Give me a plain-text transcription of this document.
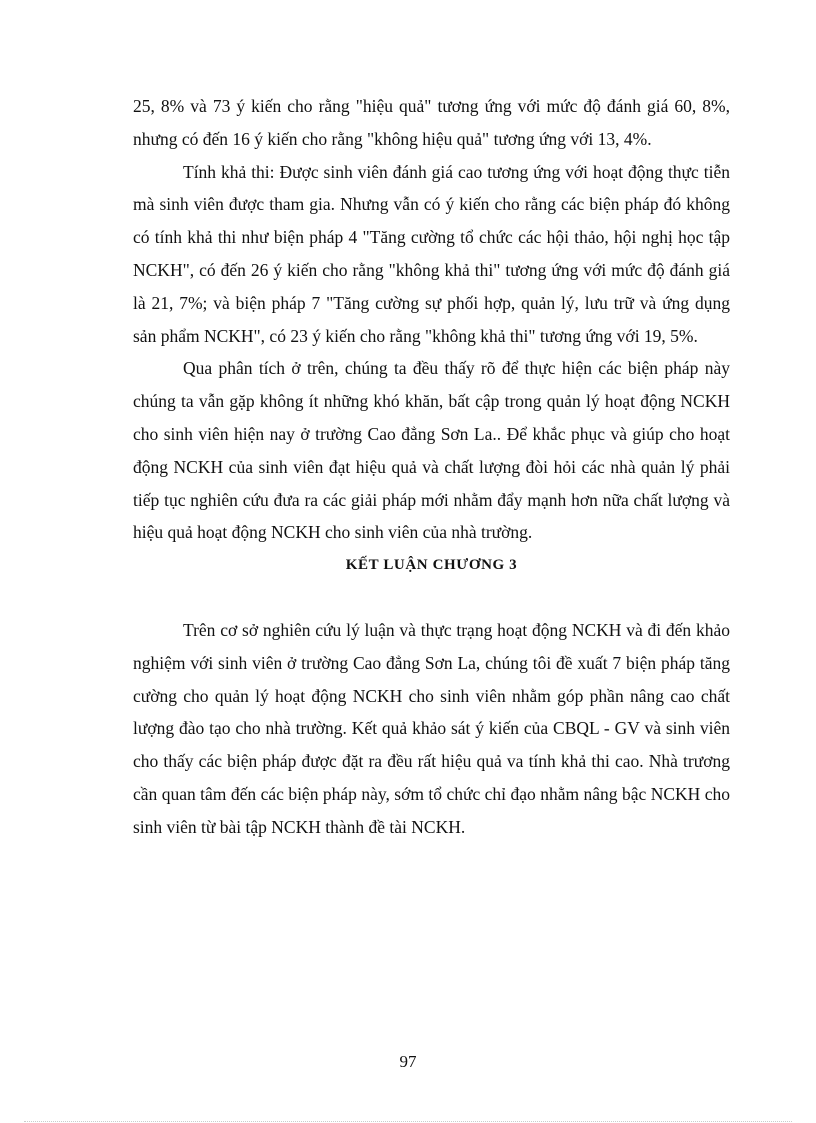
25, 8% và 73 ý kiến cho rằng "hiệu quả" tương ứng với mức độ đánh giá 60, 8%, nhưng có đến 16 ý kiến cho rằng "không hiệu quả" tương ứng với 13, 4%.

Tính khả thi: Được sinh viên đánh giá cao tương ứng với hoạt động thực tiễn mà sinh viên được tham gia. Nhưng vẫn có ý kiến cho rằng các biện pháp đó không có tính khả thi như biện pháp 4 "Tăng cường tổ chức các hội thảo, hội nghị học tập NCKH", có đến 26 ý kiến cho rằng "không khả thi" tương ứng với mức độ đánh giá là 21, 7%; và biện pháp 7 "Tăng cường sự phối hợp, quản lý, lưu trữ và ứng dụng sản phẩm NCKH", có 23 ý kiến cho rằng "không khả thi" tương ứng với 19, 5%.

Qua phân tích ở trên, chúng ta đều thấy rõ để thực hiện các biện pháp này chúng ta vẫn gặp không ít những khó khăn, bất cập trong quản lý hoạt động NCKH cho sinh viên hiện nay ở trường Cao đẳng Sơn La.. Để khắc phục và giúp cho hoạt động NCKH của sinh viên đạt hiệu quả và chất lượng đòi hỏi các nhà quản lý phải tiếp tục nghiên cứu đưa ra các giải pháp mới nhằm đẩy mạnh hơn nữa chất lượng và hiệu quả hoạt động NCKH cho sinh viên của nhà trường.

KẾT LUẬN CHƯƠNG 3

Trên cơ sở nghiên cứu lý luận và thực trạng hoạt động NCKH và đi đến khảo nghiệm với sinh viên ở trường Cao đẳng Sơn La, chúng tôi đề xuất 7 biện pháp tăng cường cho quản lý hoạt động NCKH cho sinh viên nhằm góp phần nâng cao chất lượng đào tạo cho nhà trường. Kết quả khảo sát ý kiến của CBQL - GV và sinh viên cho thấy các biện pháp được đặt ra đều rất hiệu quả va tính khả thi cao. Nhà trương cần quan tâm đến các biện pháp này, sớm tổ chức chỉ đạo nhằm nâng bậc NCKH cho sinh viên từ bài tập NCKH thành đề tài NCKH.

97
